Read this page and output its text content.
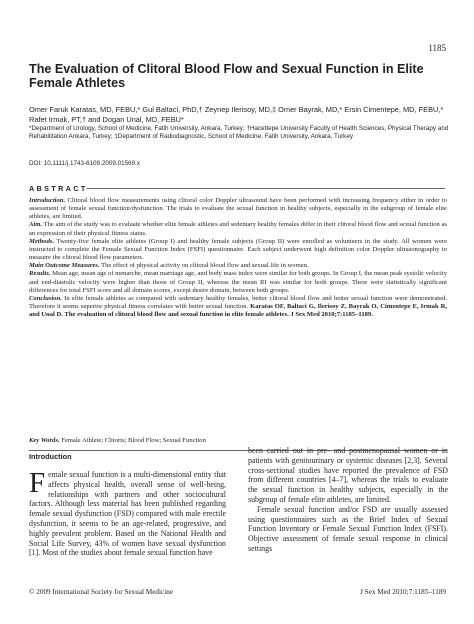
1185
The Evaluation of Clitoral Blood Flow and Sexual Function in Elite Female Athletes
Omer Faruk Karatas, MD, FEBU,* Gul Baltaci, PhD,† Zeynep Ilerisoy, MD,‡ Omer Bayrak, MD,* Ersin Cimentepe, MD, FEBU,* Rafet Irmak, PT,† and Dogan Unal, MD, FEBU*
*Department of Urology, School of Medicine, Fatih University, Ankara, Turkey; †Hacettepe University Faculty of Health Sciences, Physical Therapy and Rehabilitation Ankara, Turkey; ‡Department of Radiodiagnostic, School of Medicine, Fatih University, Ankara, Turkey
DOI: 10.1111/j.1743-6109.2009.01569.x
ABSTRACT

Introduction. Clitoral blood flow measurements using clitoral color Doppler ultrasound have been performed with increasing frequency either in order to assessment of female sexual function/dysfunction. The trials to evaluate the sexual function in healthy subjects, especially in the subgroup of female elite athletes, are limited.

Aim. The aim of the study was to evaluate whether elite female athletes and sedentary healthy females differ in their clitoral blood flow and sexual function as an expression of their physical fitness status.

Methods. Twenty-five female elite athletes (Group I) and healthy female subjects (Group II) were enrolled as volunteers in the study. All women were instructed to complete the Female Sexual Function Index (FSFI) questionnaire. Each subject underwent high definition color Doppler ultrasonography to measure the clitoral blood flow parameters.

Main Outcome Measures. The effect of physical activity on clitoral blood flow and sexual life in women.

Results. Mean age, mean age of menarche, mean marriage age, and body mass index were similar for both groups. In Group I, the mean peak systolic velocity and end-diastolic velocity were higher than those of Group II, whereas the mean RI was similar for both groups. There were statistically significant differences for total FSFI score and all domain scores, except desire domain, between both groups.

Conclusion. In elite female athletes as compared with sedentary healthy females, better clitoral blood flow and better sexual function were demonstrated. Therefore it seems superior physical fitness correlates with better sexual function. Karatas OF, Baltaci G, Ilerisoy Z, Bayrak O, Cimentepe E, Irmak R, and Unal D. The evaluation of clitoral blood flow and sexual function in elite female athletes. J Sex Med 2010;7:1185–1189.

Key Words. Female Athlete; Clitoris; Blood Flow; Sexual Function
Introduction
Female sexual function is a multi-dimensional entity that affects physical health, overall sense of well-being, relationships with partners and other sociocultural factors. Although less material has been published regarding female sexual dysfunction (FSD) compared with male erectile dysfunction, it seems to be an age-related, progressive, and highly prevalent problem. Based on the National Health and Social Life Survey, 43% of women have sexual dysfunction [1]. Most of the studies about female sexual function have

been carried out in pre- and postmenopausal women or in patients with genitourinary or systemic diseases [2,3]. Several cross-sectional studies have reported the prevalence of FSD from different countries [4–7], whereas the trials to evaluate the sexual function in healthy subjects, especially in the subgroup of female elite athletes, are limited.

Female sexual function and/or FSD are usually assessed using questionnaires such as the Brief Index of Sexual Function Inventory or Female Sexual Function Index (FSFI). Objective assessment of female sexual response in clinical settings

© 2009 International Society for Sexual Medicine	J Sex Med 2010;7:1185–1189
